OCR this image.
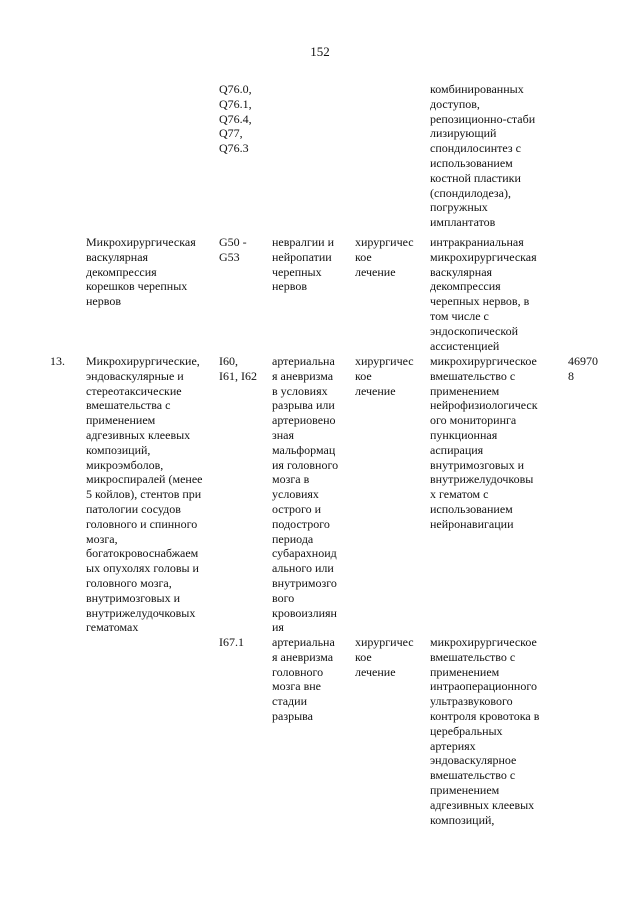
152
Q76.0,
Q76.1,
Q76.4,
Q77,
Q76.3
комбинированных
доступов,
репозиционно-стаби
лизирующий
спондилосинтез с
использованием
костной пластики
(спондилодеза),
погружных
имплантатов
Микрохирургическая
васкулярная
декомпрессия
корешков черепных
нервов
G50 -
G53
невралгии и
нейропатии
черепных
нервов
хирургичес
кое
лечение
интракраниальная
микрохирургическая
васкулярная
декомпрессия
черепных нервов, в
том числе с
эндоскопической
ассистенцией
13.	Микрохирургические,
эндоваскулярные и
стереотаксические
вмешательства с
применением
адгезивных клеевых
композиций,
микроэмболов,
микроспиралей (менее
5 койлов), стентов при
патологии сосудов
головного и спинного
мозга,
богатокровоснабжаем
ых опухолях головы и
головного мозга,
внутримозговых и
внутрижелудочковых
гематомах
I60,
I61, I62
артериальна
я аневризма
в условиях
разрыва или
артериовено
зная
мальформац
ия головного
мозга в
условиях
острого и
подострого
периода
субарахноид
ального или
внутримозго
вого
кровоизлиян
ия
хирургичес
кое
лечение
микрохирургическое
вмешательство с
применением
нейрофизиологическ
ого мониторинга
пункционная
аспирация
внутримозговых и
внутрижелудочковы
х гематом с
использованием
нейронавигации
46970
8
I67.1	артериальна
я аневризма
головного
мозга вне
стадии
разрыва
хирургичес
кое
лечение
микрохирургическое
вмешательство с
применением
интраоперационного
ультразвукового
контроля кровотока в
церебральных
артериях
эндоваскулярное
вмешательство с
применением
адгезивных клеевых
композиций,
